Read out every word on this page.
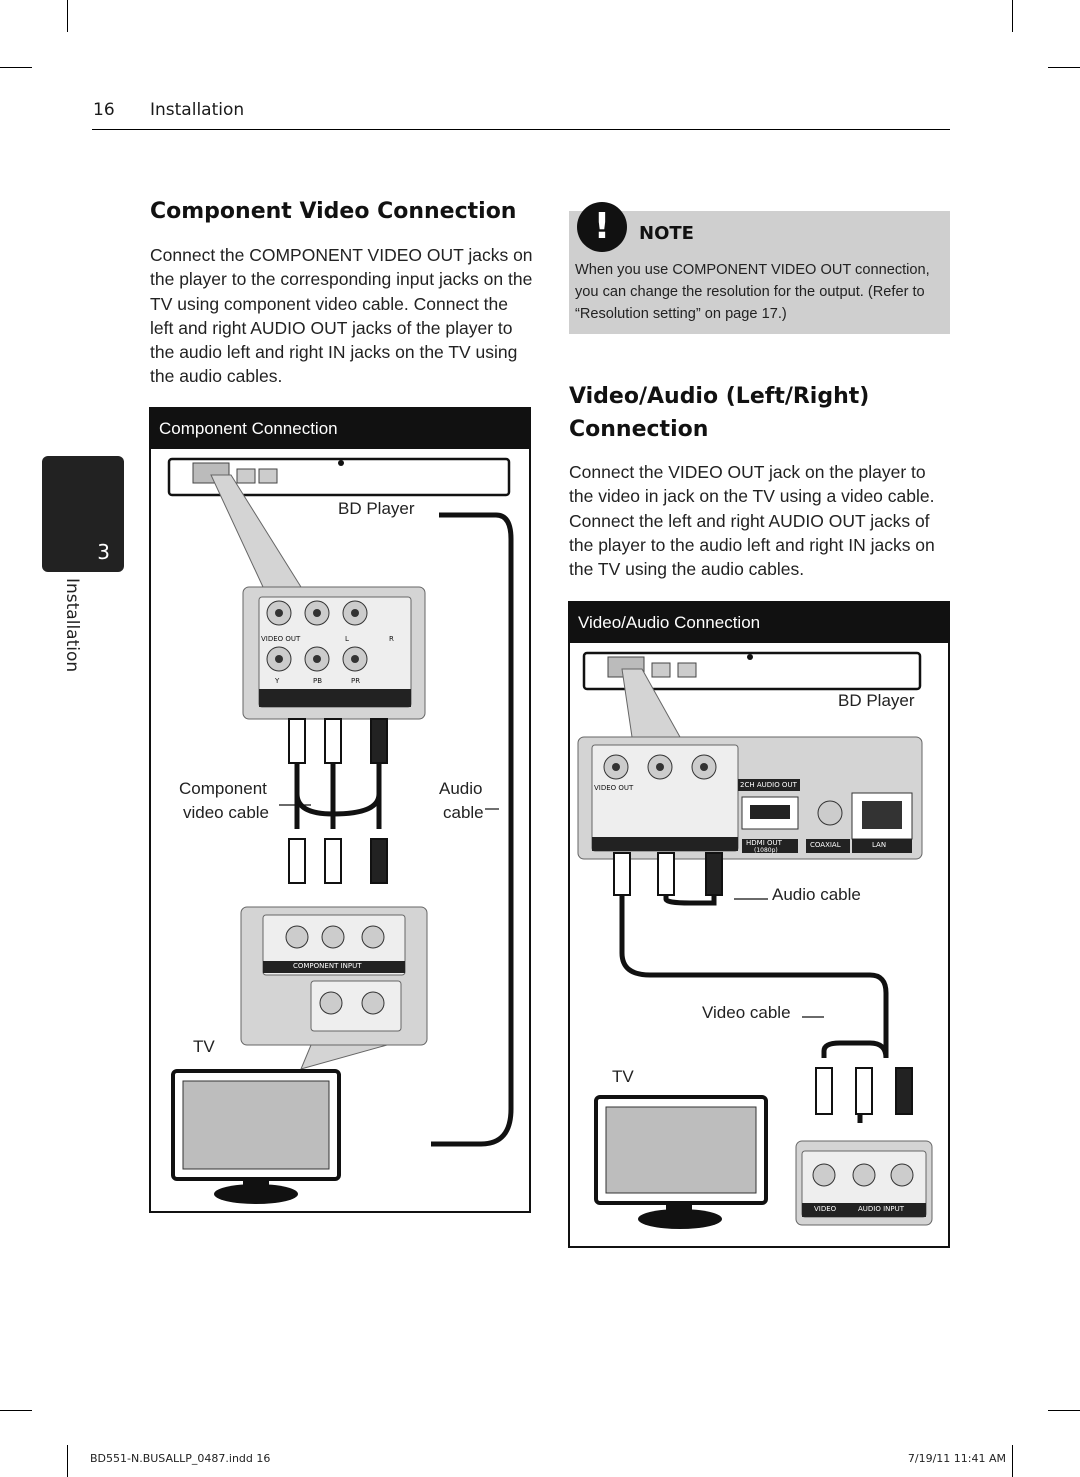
16 Installation
3
Installation
Component Video Connection

Connect the COMPONENT VIDEO OUT jacks on the player to the corresponding input jacks on the TV using component video cable. Connect the left and right AUDIO OUT jacks of the player to the audio left and right IN jacks on the TV using the audio cables.

Component Connection
BD Player
Component
video cable
Audio
cable
TV
VIDEO OUT	L	R
Y	PB	PR
COMPONENT INPUT
!	NOTE
When you use COMPONENT VIDEO OUT connection, you can change the resolution for the output. (Refer to “Resolution setting” on page 17.)
Video/Audio (Left/Right)
Connection

Connect the VIDEO OUT jack on the player to the video in jack on the TV using a video cable. Connect the left and right AUDIO OUT jacks of the player to the audio left and right IN jacks on the TV using the audio cables.

Video/Audio Connection
BD Player
Audio cable
Video cable
TV
VIDEO OUT	2CH AUDIO OUT
HDMI OUT
(1080p)
COAXIAL	LAN
VIDEO	AUDIO INPUT
BD551-N.BUSALLP_0487.indd 16	7/19/11 11:41 AM
